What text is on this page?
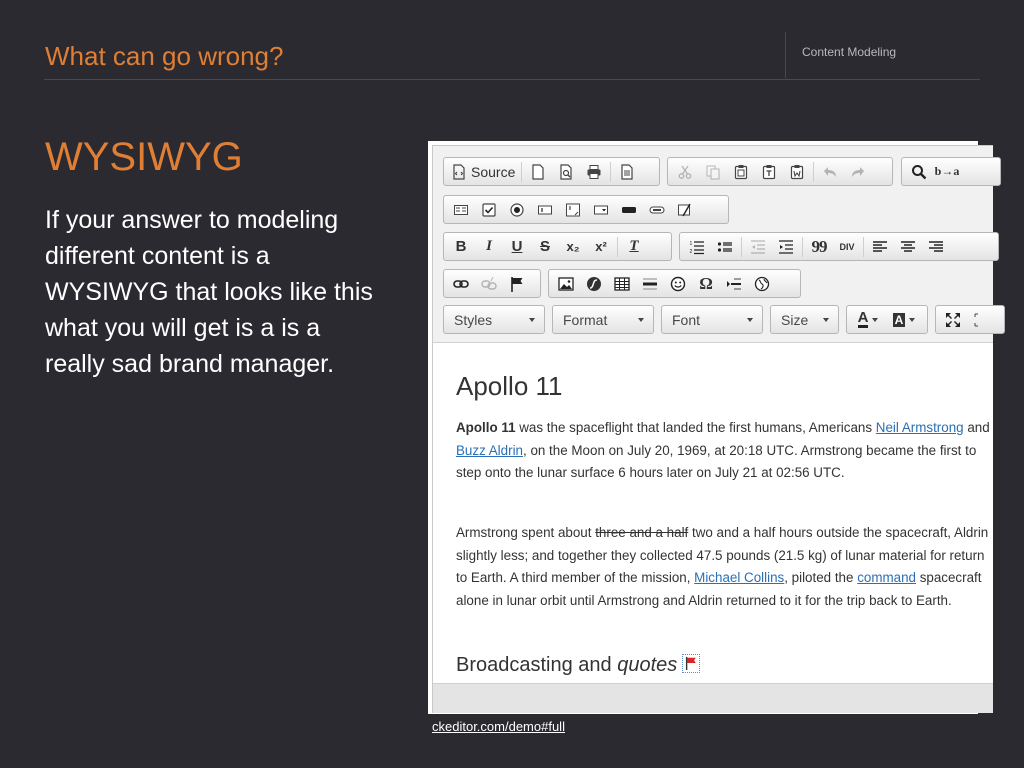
What can go wrong?	Content Modeling
WYSIWYG

If your answer to modeling different content is a WYSIWYG that looks like this what you will get is a is a really sad brand manager.

Source	b→a
B I U S x₂ x² T	1
2	99 DIV
Ω
Styles	Format	Font	Size	A A
Apollo 11

Apollo 11 was the spaceflight that landed the first humans, Americans Neil Armstrong and Buzz Aldrin, on the Moon on July 20, 1969, at 20:18 UTC. Armstrong became the first to step onto the lunar surface 6 hours later on July 21 at 02:56 UTC.

Armstrong spent about three and a half two and a half hours outside the spacecraft, Aldrin slightly less; and together they collected 47.5 pounds (21.5 kg) of lunar material for return to Earth. A third member of the mission, Michael Collins, piloted the command spacecraft alone in lunar orbit until Armstrong and Aldrin returned to it for the trip back to Earth.

Broadcasting and quotes
ckeditor.com/demo#full
